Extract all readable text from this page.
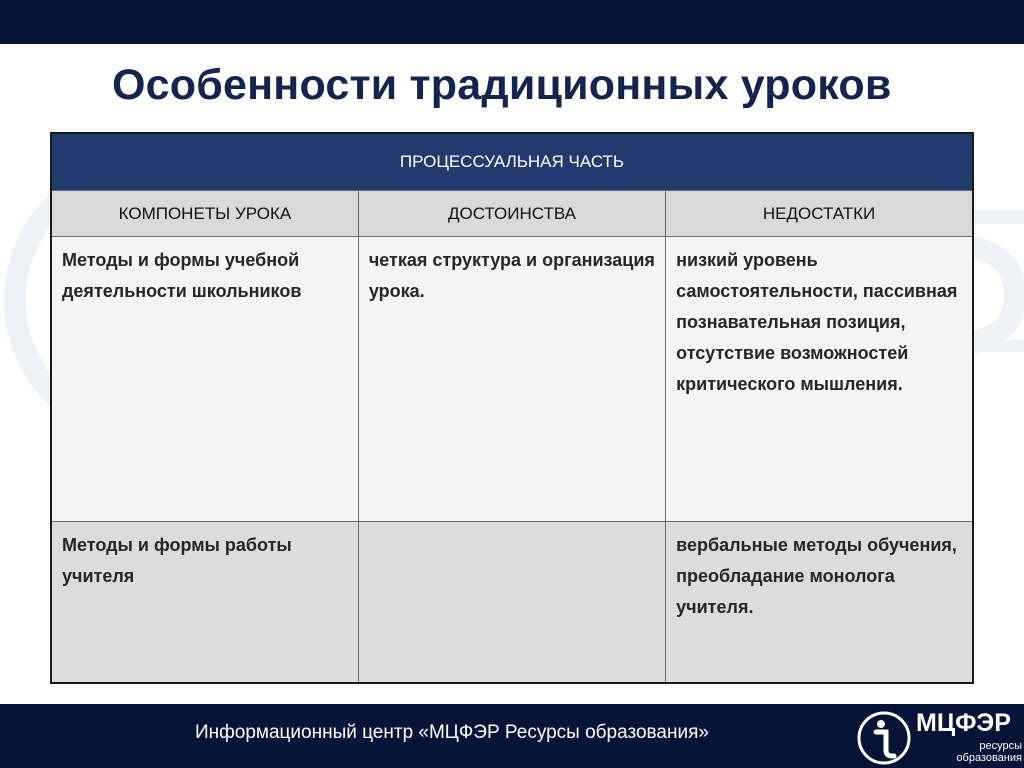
Особенности традиционных уроков
ПРОЦЕССУАЛЬНАЯ ЧАСТЬ		
КОМПОНЕТЫ УРОКА	ДОСТОИНСТВА	НЕДОСТАТКИ
Методы и формы учебной деятельности школьников	четкая структура и организация урока.	низкий уровень самостоятельности, пассивная познавательная позиция, отсутствие возможностей критического мышления.
Методы и формы работы учителя		вербальные методы обучения, преобладание монолога учителя.
Информационный центр «МЦФЭР Ресурсы образования»	МЦФЭР
ресурсы
образования
